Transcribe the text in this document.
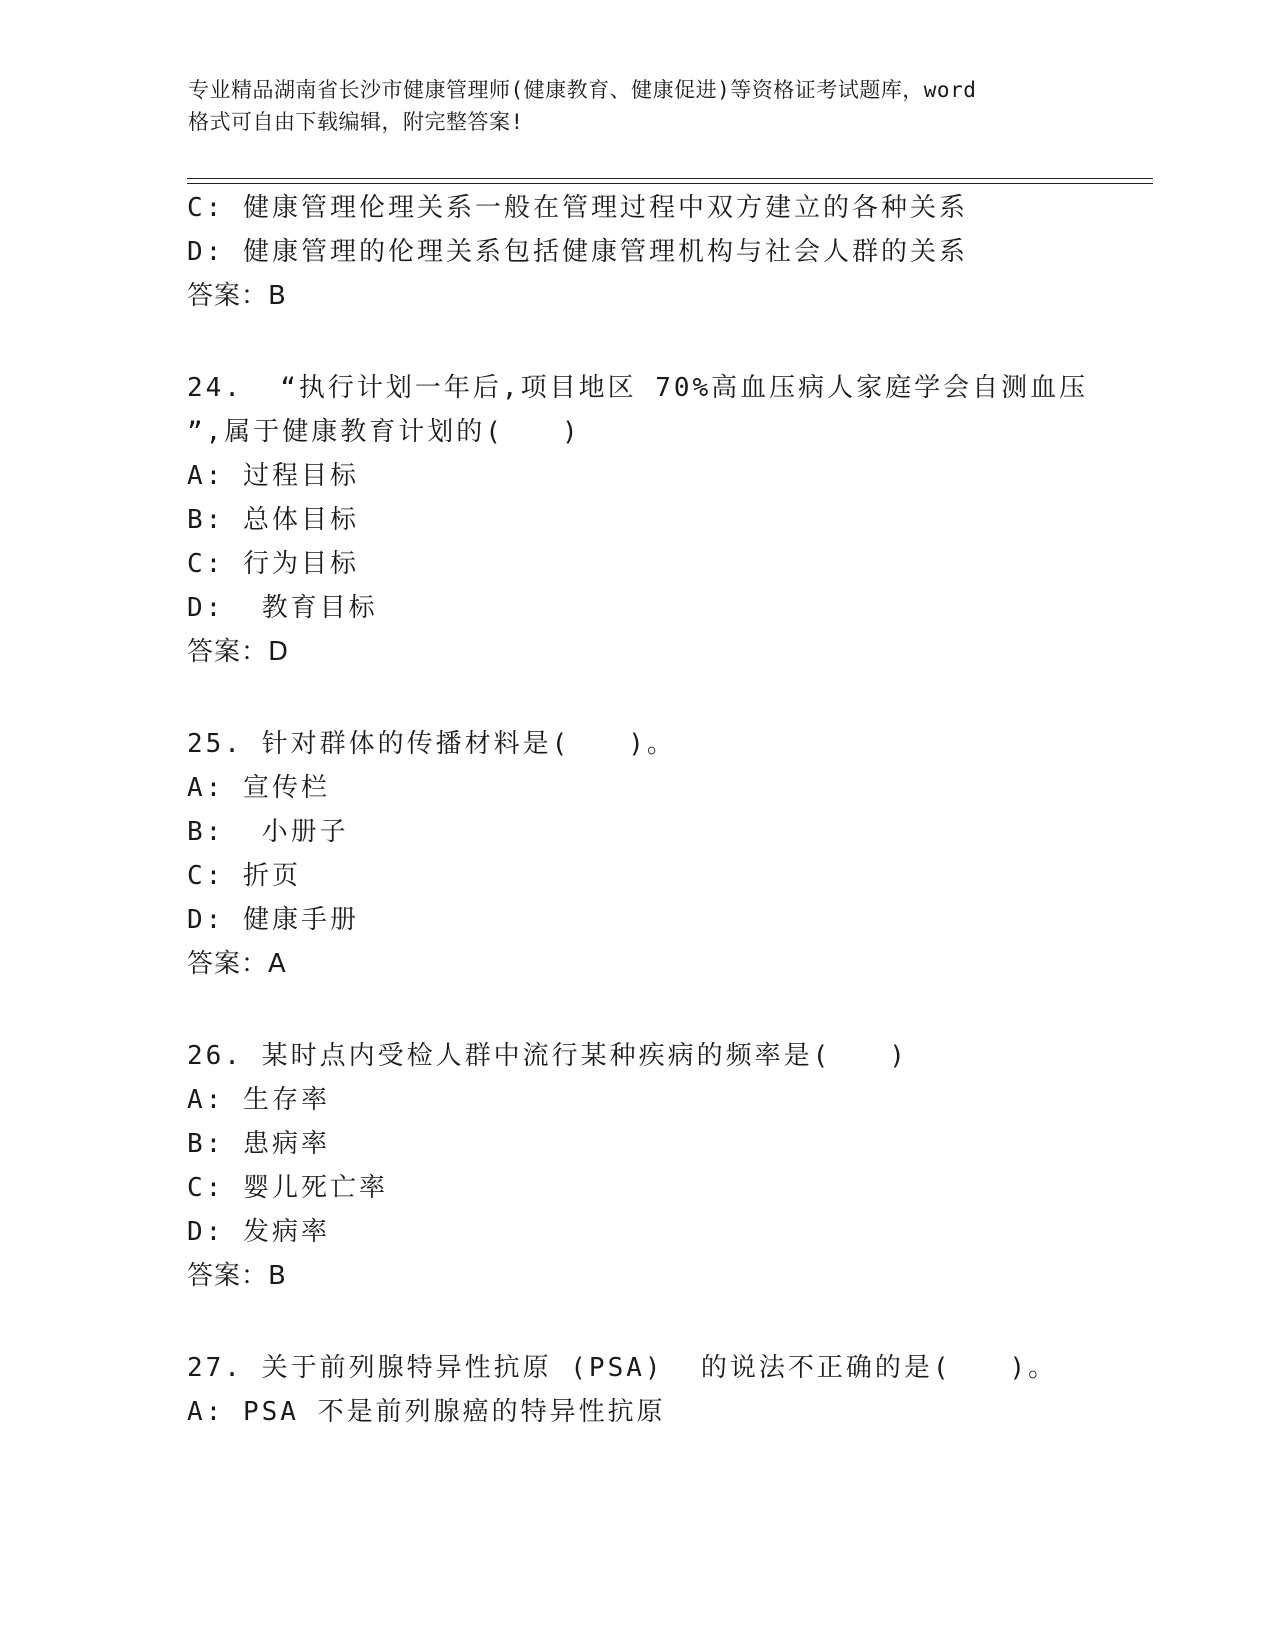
专业精品湖南省长沙市健康管理师(健康教育、健康促进)等资格证考试题库，word

格式可自由下载编辑，附完整答案!

C: 健康管理伦理关系一般在管理过程中双方建立的各种关系
D: 健康管理的伦理关系包括健康管理机构与社会人群的关系
答案：B
24.  “执行计划一年后,项目地区 70%高血压病人家庭学会自测血压
”,属于健康教育计划的(　　)
A: 过程目标
B: 总体目标
C: 行为目标
D:  教育目标
答案：D
25. 针对群体的传播材料是(　　)。
A: 宣传栏
B:  小册子
C: 折页
D: 健康手册
答案：A
26. 某时点内受检人群中流行某种疾病的频率是(　　)
A: 生存率
B: 患病率
C: 婴儿死亡率
D: 发病率
答案：B
27. 关于前列腺特异性抗原 (PSA)  的说法不正确的是(　　)。
A: PSA 不是前列腺癌的特异性抗原
